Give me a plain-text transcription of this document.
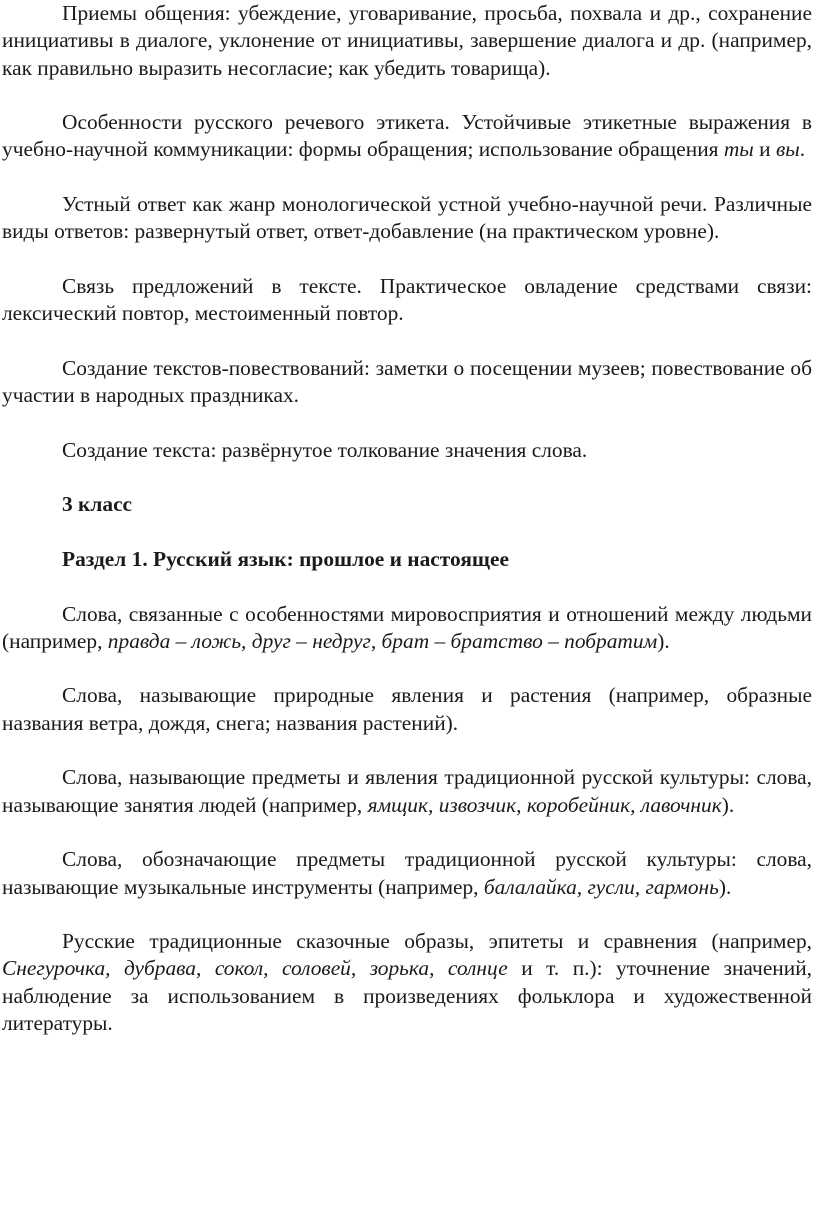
Приемы общения: убеждение, уговаривание, просьба, похвала и др., сохранение инициативы в диалоге, уклонение от инициативы, завершение диалога и др. (например, как правильно выразить несогласие; как убедить товарища).

Особенности русского речевого этикета. Устойчивые этикетные выражения в учебно-научной коммуникации: формы обращения; использование обращения ты и вы.

Устный ответ как жанр монологической устной учебно-научной речи. Различные виды ответов: развернутый ответ, ответ-добавление (на практическом уровне).

Связь предложений в тексте. Практическое овладение средствами связи: лексический повтор, местоименный повтор.

Создание текстов-повествований: заметки о посещении музеев; повествование об участии в народных праздниках.

Создание текста: развёрнутое толкование значения слова.

3 класс

Раздел 1. Русский язык: прошлое и настоящее

Слова, связанные с особенностями мировосприятия и отношений между людьми (например, правда – ложь, друг – недруг, брат – братство – побратим).

Слова, называющие природные явления и растения (например, образные названия ветра, дождя, снега; названия растений).

Слова, называющие предметы и явления традиционной русской культуры: слова, называющие занятия людей (например, ямщик, извозчик, коробейник, лавочник).

Слова, обозначающие предметы традиционной русской культуры: слова, называющие музыкальные инструменты (например, балалайка, гусли, гармонь).

Русские традиционные сказочные образы, эпитеты и сравнения (например, Снегурочка, дубрава, сокол, соловей, зорька, солнце и т. п.): уточнение значений, наблюдение за использованием в произведениях фольклора и художественной литературы.
